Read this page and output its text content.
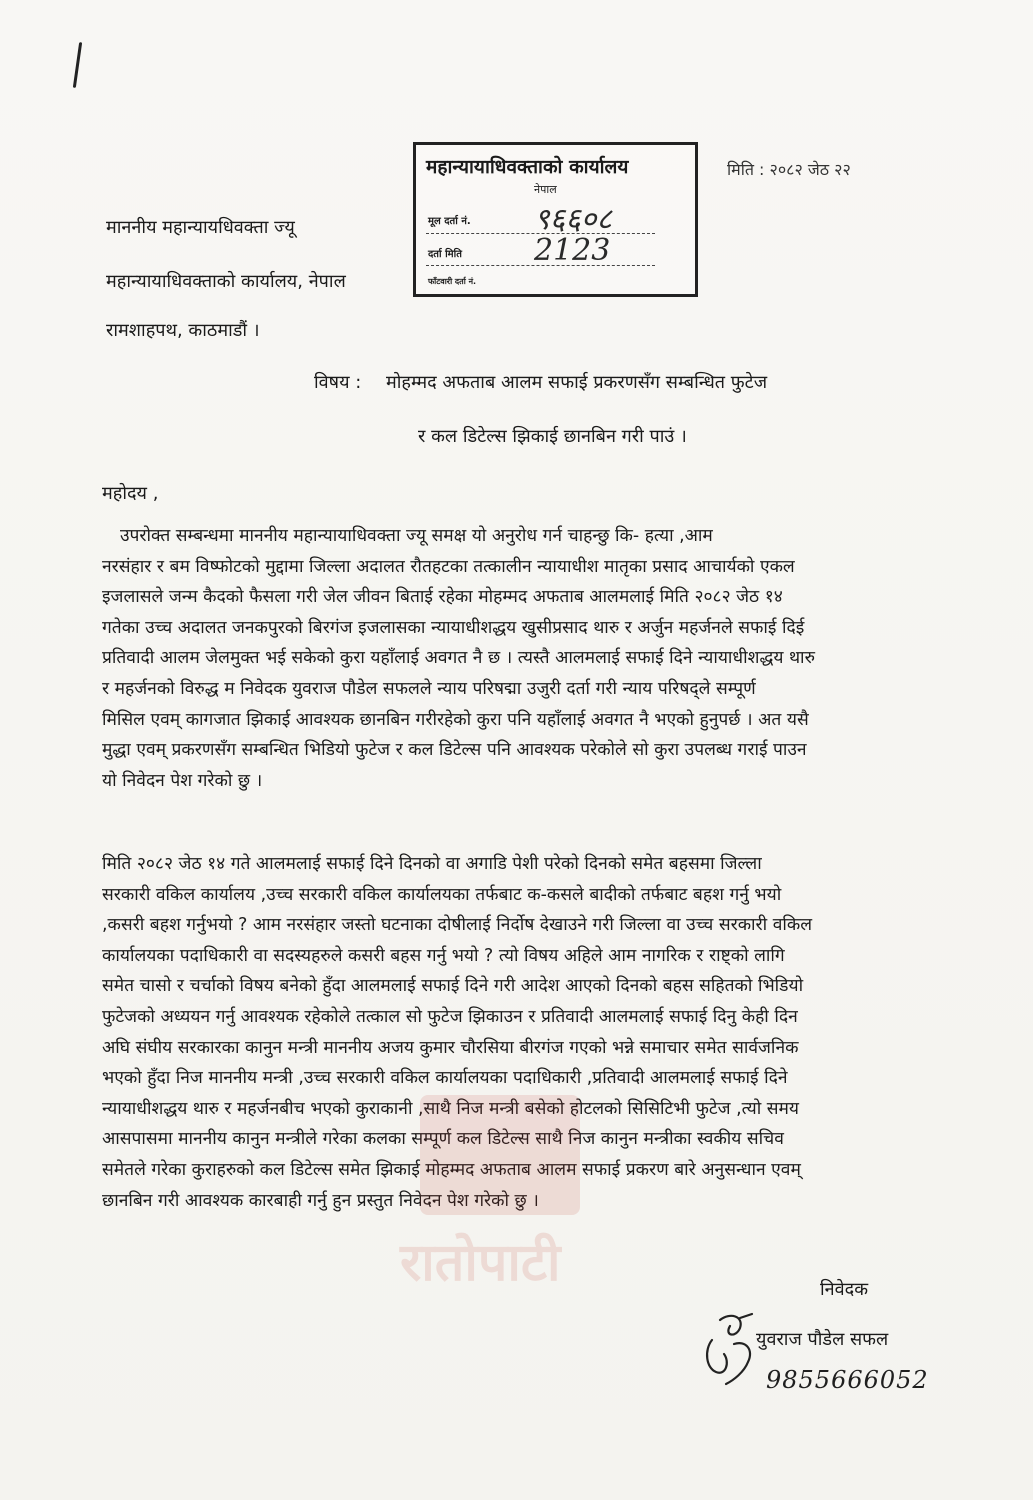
महान्यायाधिवक्ताको कार्यालय
नेपाल
मूल दर्ता नं. ९६६०८
दर्ता मिति 2123
फाँटवारी दर्ता नं.
मिति : २०८२ जेठ २२
माननीय महान्यायधिवक्ता ज्यू
महान्यायाधिवक्ताको कार्यालय, नेपाल
रामशाहपथ, काठमाडौं ।
विषय : मोहम्मद अफताब आलम सफाई प्रकरणसँग सम्बन्धित फुटेज
र कल डिटेल्स झिकाई छानबिन गरी पाउं ।
महोदय ,

उपरोक्त सम्बन्धमा माननीय महान्यायाधिवक्ता ज्यू समक्ष यो अनुरोध गर्न चाहन्छु कि- हत्या ,आम

नरसंहार र बम विष्फोटको मुद्दामा जिल्ला अदालत रौतहटका तत्कालीन न्यायाधीश मातृका प्रसाद आचार्यको एकल

इजलासले जन्म कैदको फैसला गरी जेल जीवन बिताई रहेका मोहम्मद अफताब आलमलाई मिति २०८२ जेठ १४

गतेका उच्च अदालत जनकपुरको बिरगंज इजलासका न्यायाधीशद्धय खुसीप्रसाद थारु र अर्जुन महर्जनले सफाई दिई

प्रतिवादी आलम जेलमुक्त भई सकेको कुरा यहाँलाई अवगत नै छ । त्यस्तै आलमलाई सफाई दिने न्यायाधीशद्धय थारु

र महर्जनको विरुद्ध म निवेदक युवराज पौडेल सफलले न्याय परिषद्मा उजुरी दर्ता गरी न्याय परिषद्ले सम्पूर्ण

मिसिल एवम् कागजात झिकाई आवश्यक छानबिन गरीरहेको कुरा पनि यहाँलाई अवगत नै भएको हुनुपर्छ । अत यसै

मुद्धा एवम् प्रकरणसँग सम्बन्धित भिडियो फुटेज र कल डिटेल्स पनि आवश्यक परेकोले सो कुरा उपलब्ध गराई पाउन

यो निवेदन पेश गरेको छु ।

मिति २०८२ जेठ १४ गते आलमलाई सफाई दिने दिनको वा अगाडि पेशी परेको दिनको समेत बहसमा जिल्ला

सरकारी वकिल कार्यालय ,उच्च सरकारी वकिल कार्यालयका तर्फबाट क-कसले बादीको तर्फबाट बहश गर्नु भयो

,कसरी बहश गर्नुभयो ? आम नरसंहार जस्तो घटनाका दोषीलाई निर्दोष देखाउने गरी जिल्ला वा उच्च सरकारी वकिल

कार्यालयका पदाधिकारी वा सदस्यहरुले कसरी बहस गर्नु भयो ? त्यो विषय अहिले आम नागरिक र राष्ट्को लागि

समेत चासो र चर्चाको विषय बनेको हुँदा आलमलाई सफाई दिने गरी आदेश आएको दिनको बहस सहितको भिडियो

फुटेजको अध्ययन गर्नु आवश्यक रहेकोले तत्काल सो फुटेज झिकाउन र प्रतिवादी आलमलाई सफाई दिनु केही दिन

अघि संघीय सरकारका कानुन मन्त्री माननीय अजय कुमार चौरसिया बीरगंज गएको भन्ने समाचार समेत सार्वजनिक

भएको हुँदा निज माननीय मन्त्री ,उच्च सरकारी वकिल कार्यालयका पदाधिकारी ,प्रतिवादी आलमलाई सफाई दिने

न्यायाधीशद्धय थारु र महर्जनबीच भएको कुराकानी ,साथै निज मन्त्री बसेको होटलको सिसिटिभी फुटेज ,त्यो समय

आसपासमा माननीय कानुन मन्त्रीले गरेका कलका सम्पूर्ण कल डिटेल्स साथै निज कानुन मन्त्रीका स्वकीय सचिव

समेतले गरेका कुराहरुको कल डिटेल्स समेत झिकाई मोहम्मद अफताब आलम सफाई प्रकरण बारे अनुसन्धान एवम्

छानबिन गरी आवश्यक कारबाही गर्नु हुन प्रस्तुत निवेदन पेश गरेको छु ।

रातोपाटी	निवेदक
युवराज पौडेल सफल
9855666052
